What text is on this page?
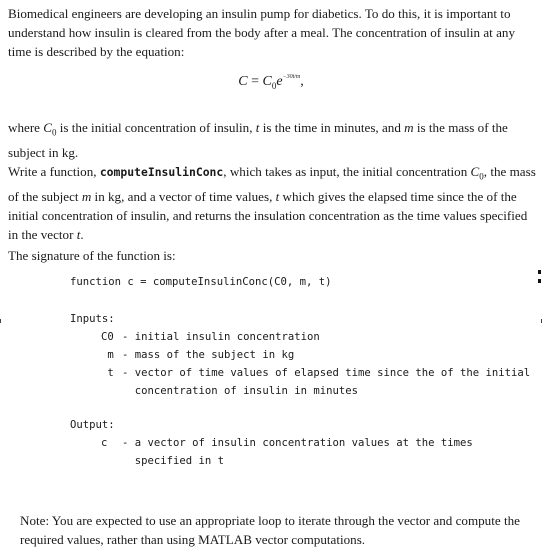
Biomedical engineers are developing an insulin pump for diabetics. To do this, it is important to understand how insulin is cleared from the body after a meal. The concentration of insulin at any time is described by the equation:
$C = C_0e^{-30t/m}$,
where $C_0$ is the initial concentration of insulin, t is the time in minutes, and m is the mass of the subject in kg.
Write a function, computeInsulinConc, which takes as input, the initial concentration $C_0$, the mass of the subject m in kg, and a vector of time values, t which gives the elapsed time since the of the initial concentration of insulin, and returns the insulation concentration as the time values specified in the vector t.
The signature of the function is:
function c = computeInsulinConc(C0, m, t)
Inputs:
C0 - initial insulin concentration
m - mass of the subject in kg
t - vector of time values of elapsed time since the of the initial
concentration of insulin in minutes
Output:
c - a vector of insulin concentration values at the times
specified in t
Note: You are expected to use an appropriate loop to iterate through the vector and compute the required values, rather than using MATLAB vector computations.
